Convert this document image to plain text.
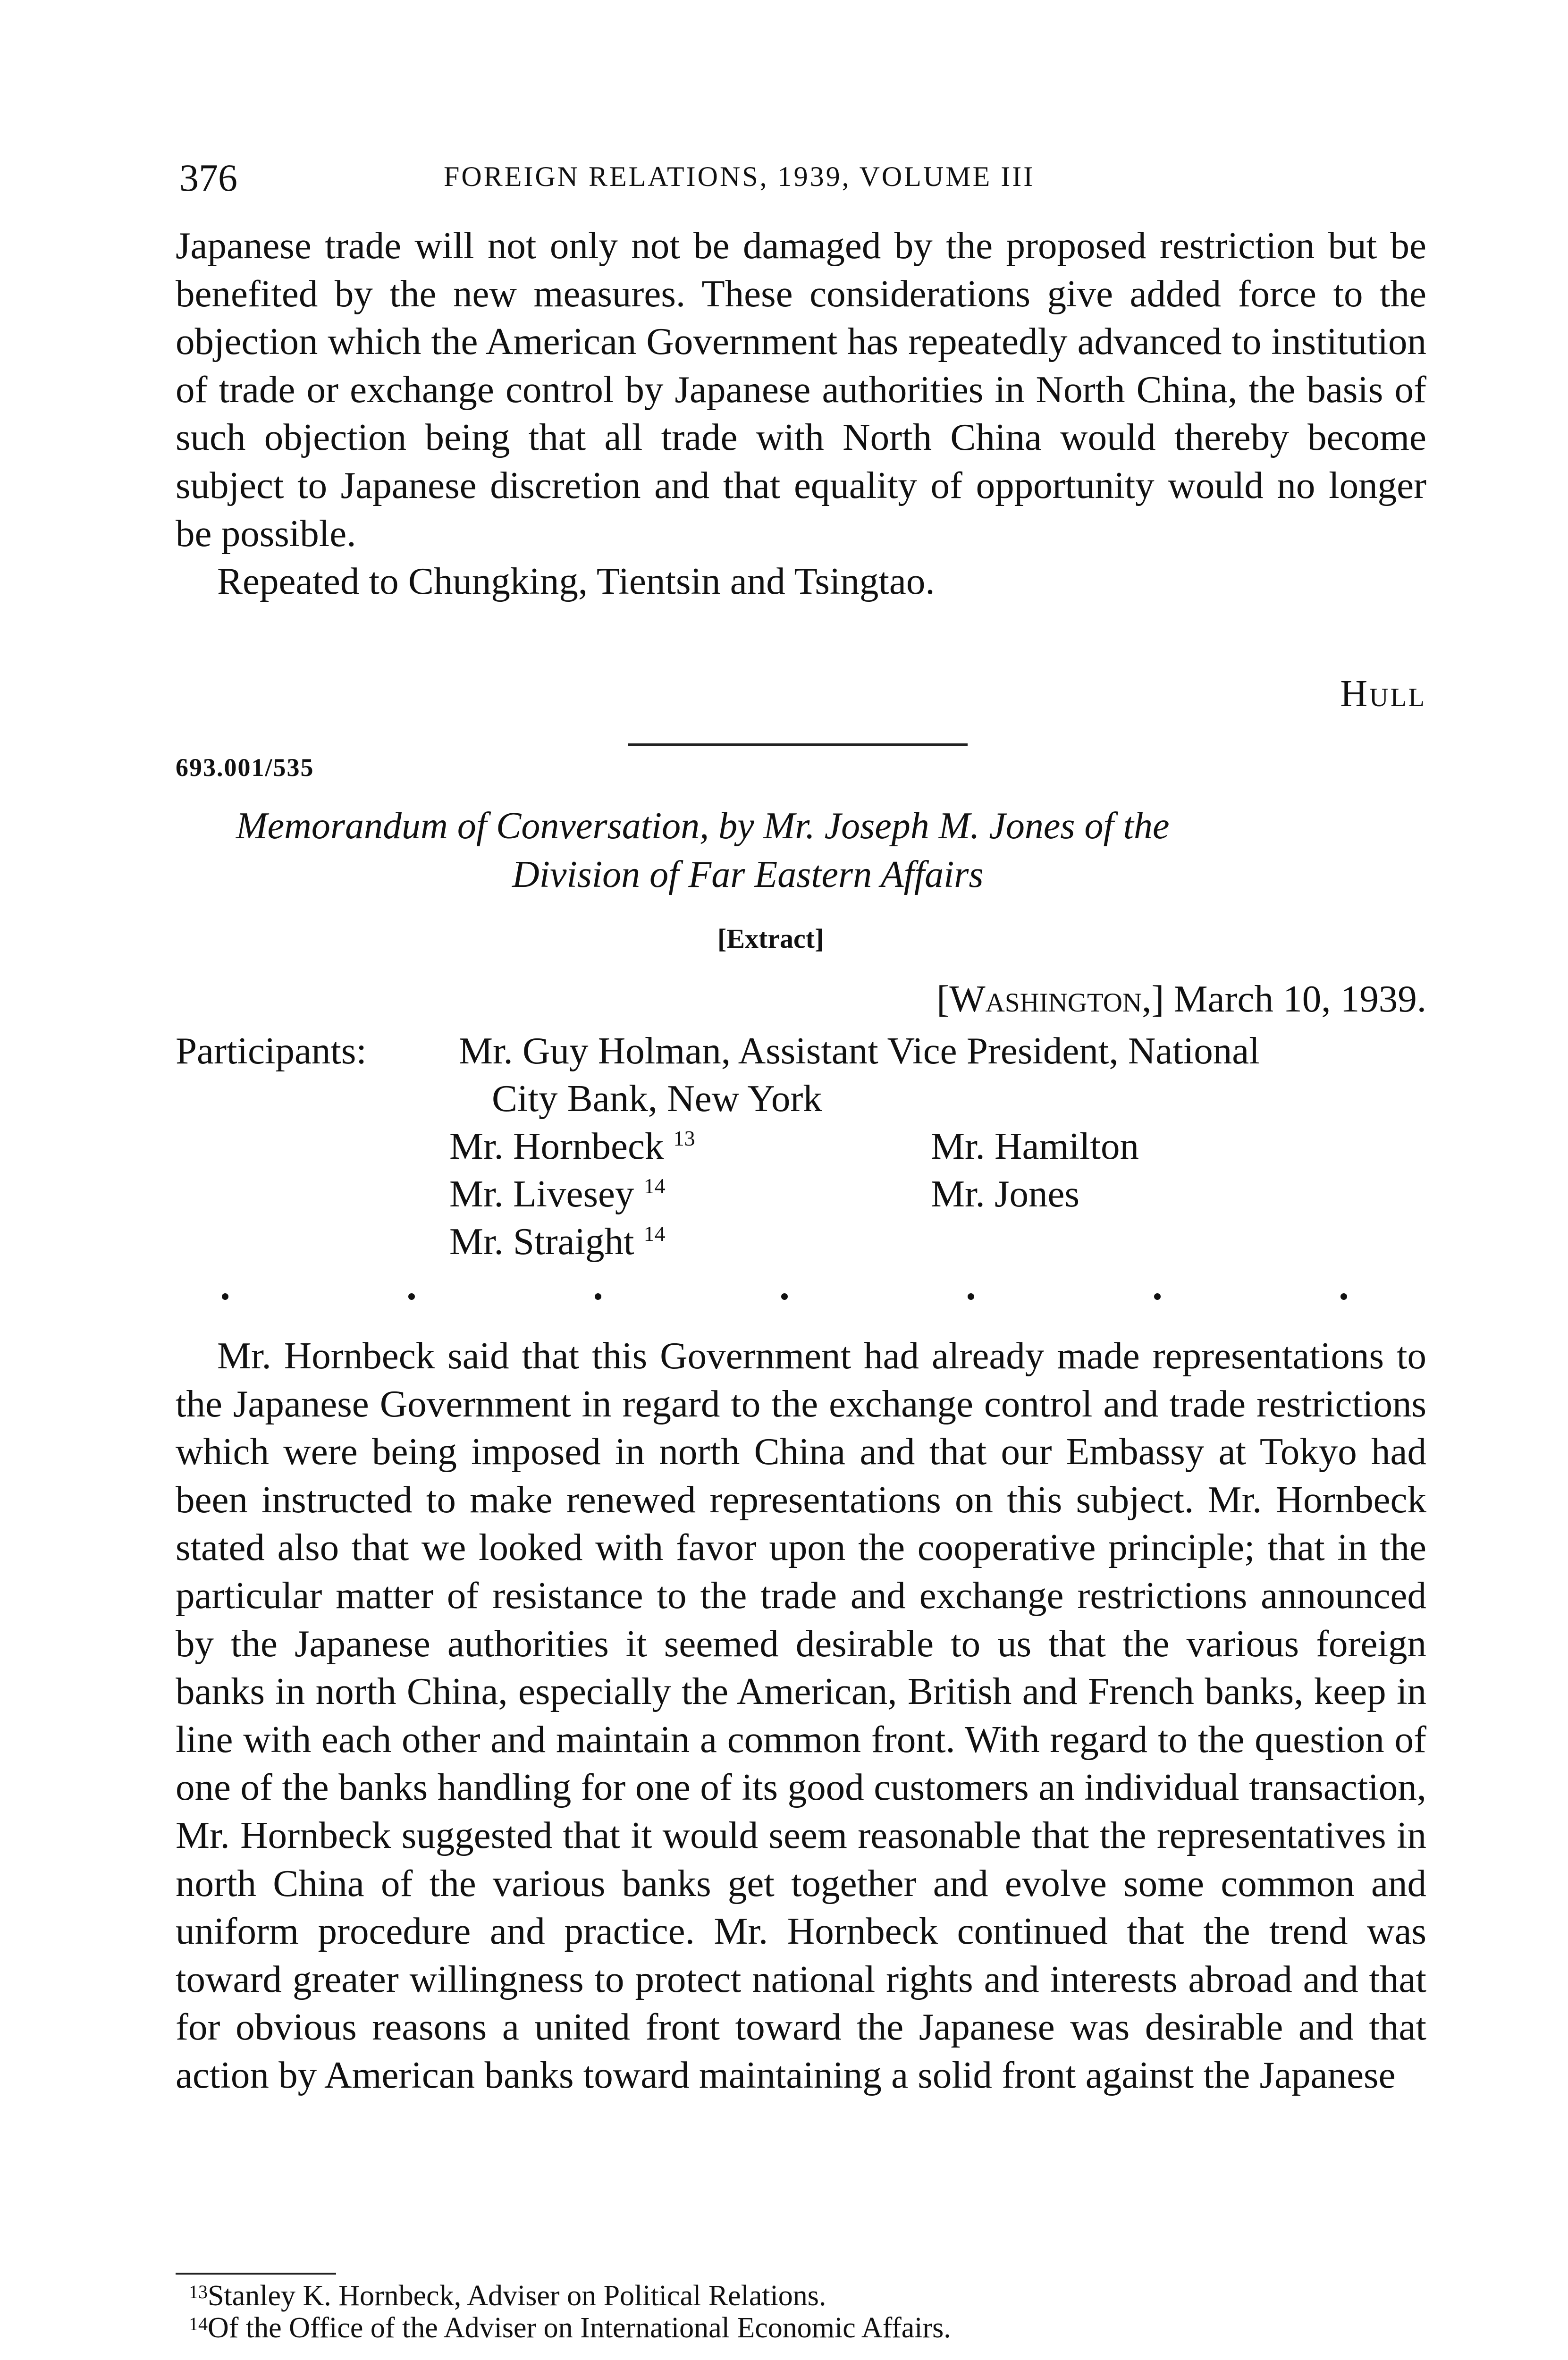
376	FOREIGN RELATIONS, 1939, VOLUME III
Japanese trade will not only not be damaged by the proposed restriction but be benefited by the new measures. These considerations give added force to the objection which the American Government has repeatedly advanced to institution of trade or exchange control by Japanese authorities in North China, the basis of such objection being that all trade with North China would thereby become subject to Japanese discretion and that equality of opportunity would no longer be possible.
Repeated to Chungking, Tientsin and Tsingtao.
Hull
693.001/535
Memorandum of Conversation, by Mr. Joseph M. Jones of the
Division of Far Eastern Affairs
[Extract]
[Washington,] March 10, 1939.
Participants: Mr. Guy Holman, Assistant Vice President, National
City Bank, New York
Mr. Hornbeck $^{13}$
Mr. Livesey $^{14}$
Mr. Straight $^{14}$
Mr. Hamilton
Mr. Jones
Mr. Hornbeck said that this Government had already made representations to the Japanese Government in regard to the exchange control and trade restrictions which were being imposed in north China and that our Embassy at Tokyo had been instructed to make renewed representations on this subject. Mr. Hornbeck stated also that we looked with favor upon the cooperative principle; that in the particular matter of resistance to the trade and exchange restrictions announced by the Japanese authorities it seemed desirable to us that the various foreign banks in north China, especially the American, British and French banks, keep in line with each other and maintain a common front. With regard to the question of one of the banks handling for one of its good customers an individual transaction, Mr. Hornbeck suggested that it would seem reasonable that the representatives in north China of the various banks get together and evolve some common and uniform procedure and practice. Mr. Hornbeck continued that the trend was toward greater willingness to protect national rights and interests abroad and that for obvious reasons a united front toward the Japanese was desirable and that action by American banks toward maintaining a solid front against the Japanese
13 Stanley K. Hornbeck, Adviser on Political Relations.
14 Of the Office of the Adviser on International Economic Affairs.
